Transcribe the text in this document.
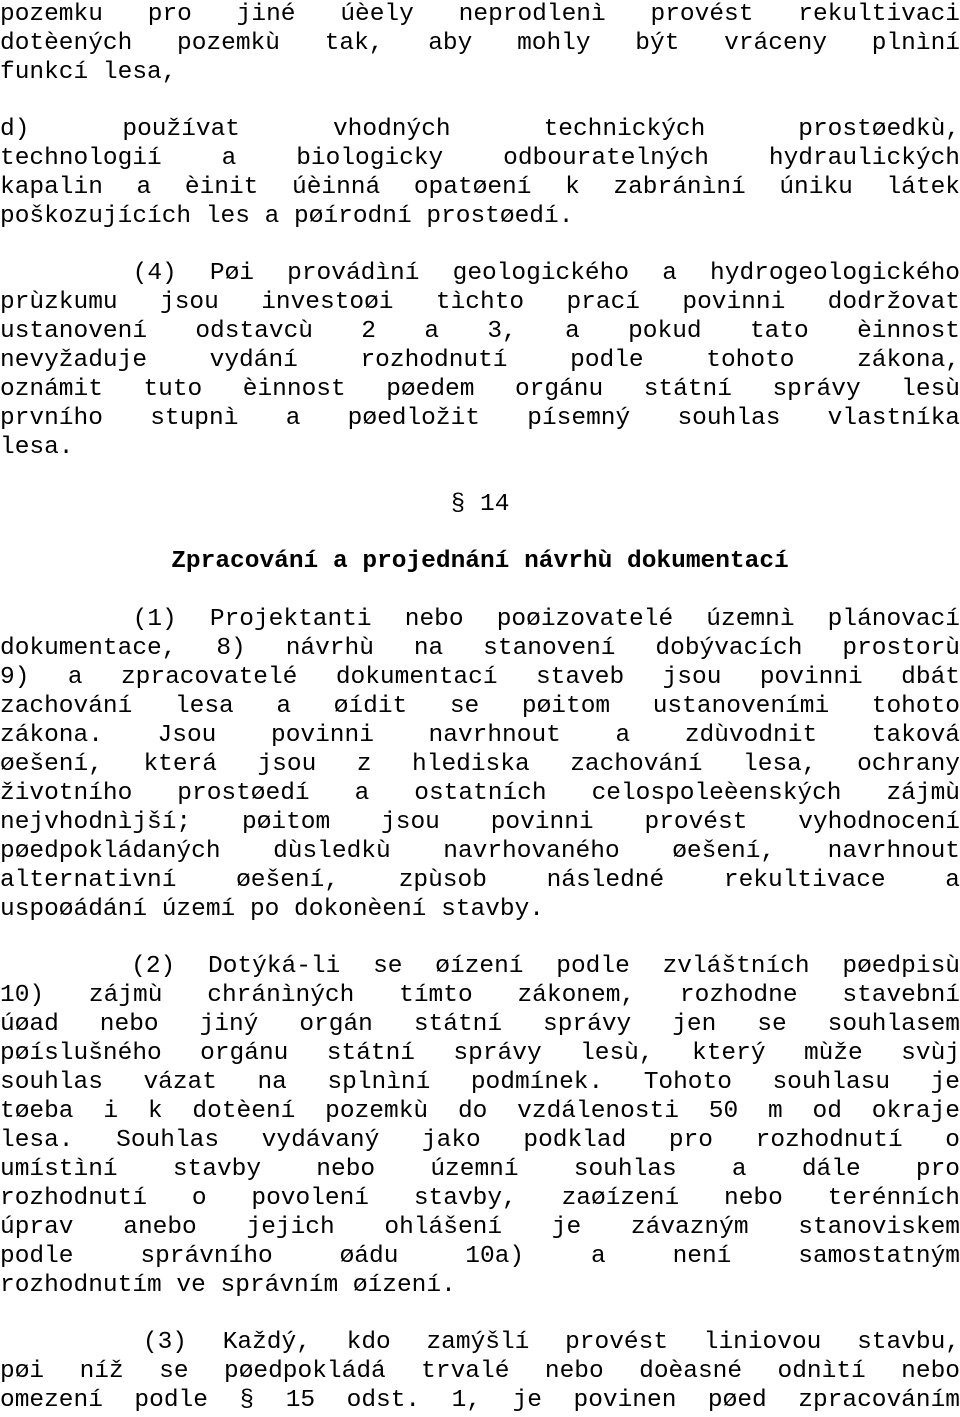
pozemku pro jiné úèely neprodlenì provést rekultivaci
dotèených pozemkù tak, aby mohly být vráceny plnìní
funkcí lesa,
d) používat vhodných technických prostøedkù,
technologií a biologicky odbouratelných hydraulických
kapalin a èinit úèinná opatøení k zabránìní úniku látek
poškozujících les a pøírodní prostøedí.
(4) Pøi provádìní geologického a hydrogeologického
prùzkumu jsou investoøi tìchto prací povinni dodržovat
ustanovení odstavcù 2 a 3, a pokud tato èinnost
nevyžaduje vydání rozhodnutí podle tohoto zákona,
oznámit tuto èinnost pøedem orgánu státní správy lesù
prvního stupnì a pøedložit písemný souhlas vlastníka
lesa.
§ 14
Zpracování a projednání návrhù dokumentací
(1) Projektanti nebo poøizovatelé územnì plánovací
dokumentace, 8) návrhù na stanovení dobývacích prostorù
9) a zpracovatelé dokumentací staveb jsou povinni dbát
zachování lesa a øídit se pøitom ustanoveními tohoto
zákona. Jsou povinni navrhnout a zdùvodnit taková
øešení, která jsou z hlediska zachování lesa, ochrany
životního prostøedí a ostatních celospoleèenských zájmù
nejvhodnìjší; pøitom jsou povinni provést vyhodnocení
pøedpokládaných dùsledkù navrhovaného øešení, navrhnout
alternativní øešení, zpùsob následné rekultivace a
uspoøádání území po dokonèení stavby.
(2) Dotýká-li se øízení podle zvláštních pøedpisù
10) zájmù chránìných tímto zákonem, rozhodne stavební
úøad nebo jiný orgán státní správy jen se souhlasem
pøíslušného orgánu státní správy lesù, který mùže svùj
souhlas vázat na splnìní podmínek. Tohoto souhlasu je
tøeba i k dotèení pozemkù do vzdálenosti 50 m od okraje
lesa. Souhlas vydávaný jako podklad pro rozhodnutí o
umístìní stavby nebo územní souhlas a dále pro
rozhodnutí o povolení stavby, zaøízení nebo terénních
úprav anebo jejich ohlášení je závazným stanoviskem
podle správního øádu 10a) a není samostatným
rozhodnutím ve správním øízení.
(3) Každý, kdo zamýšlí provést liniovou stavbu,
pøi níž se pøedpokládá trvalé nebo doèasné odnìtí nebo
omezení podle § 15 odst. 1, je povinen pøed zpracováním
